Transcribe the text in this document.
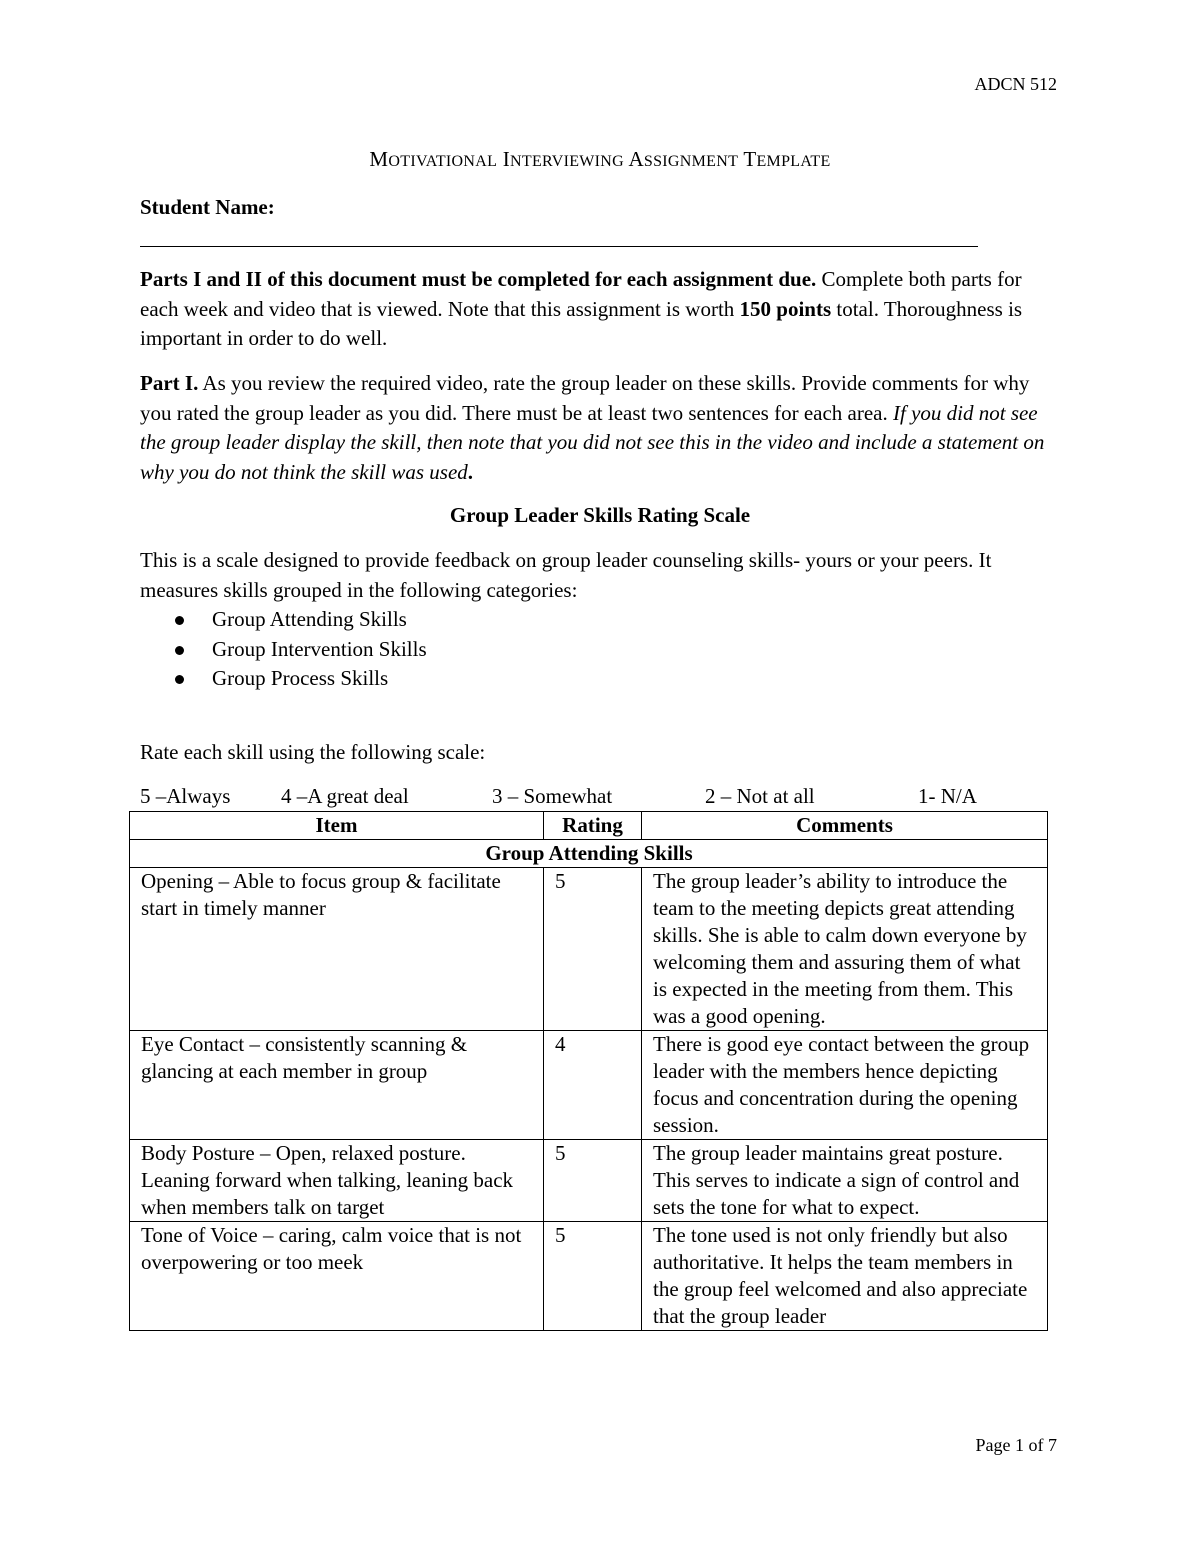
ADCN 512
MOTIVATIONAL INTERVIEWING ASSIGNMENT TEMPLATE
Student Name:
Parts I and II of this document must be completed for each assignment due. Complete both parts for each week and video that is viewed. Note that this assignment is worth 150 points total. Thoroughness is important in order to do well.
Part I. As you review the required video, rate the group leader on these skills. Provide comments for why you rated the group leader as you did. There must be at least two sentences for each area. If you did not see the group leader display the skill, then note that you did not see this in the video and include a statement on why you do not think the skill was used.
Group Leader Skills Rating Scale
This is a scale designed to provide feedback on group leader counseling skills- yours or your peers. It measures skills grouped in the following categories:
Group Attending Skills
Group Intervention Skills
Group Process Skills
Rate each skill using the following scale:
5 –Always 4 –A great deal	3 – Somewhat	2 – Not at all	1- N/A
Item	Rating	Comments
Group Attending Skills		
Opening – Able to focus group & facilitate start in timely manner	5	The group leader’s ability to introduce the team to the meeting depicts great attending skills. She is able to calm down everyone by welcoming them and assuring them of what is expected in the meeting from them. This was a good opening.
Eye Contact – consistently scanning & glancing at each member in group	4	There is good eye contact between the group leader with the members hence depicting focus and concentration during the opening session.
Body Posture – Open, relaxed posture. Leaning forward when talking, leaning back when members talk on target	5	The group leader maintains great posture. This serves to indicate a sign of control and sets the tone for what to expect.
Tone of Voice – caring, calm voice that is not overpowering or too meek	5	The tone used is not only friendly but also authoritative. It helps the team members in the group feel welcomed and also appreciate that the group leader
Page 1 of 7
